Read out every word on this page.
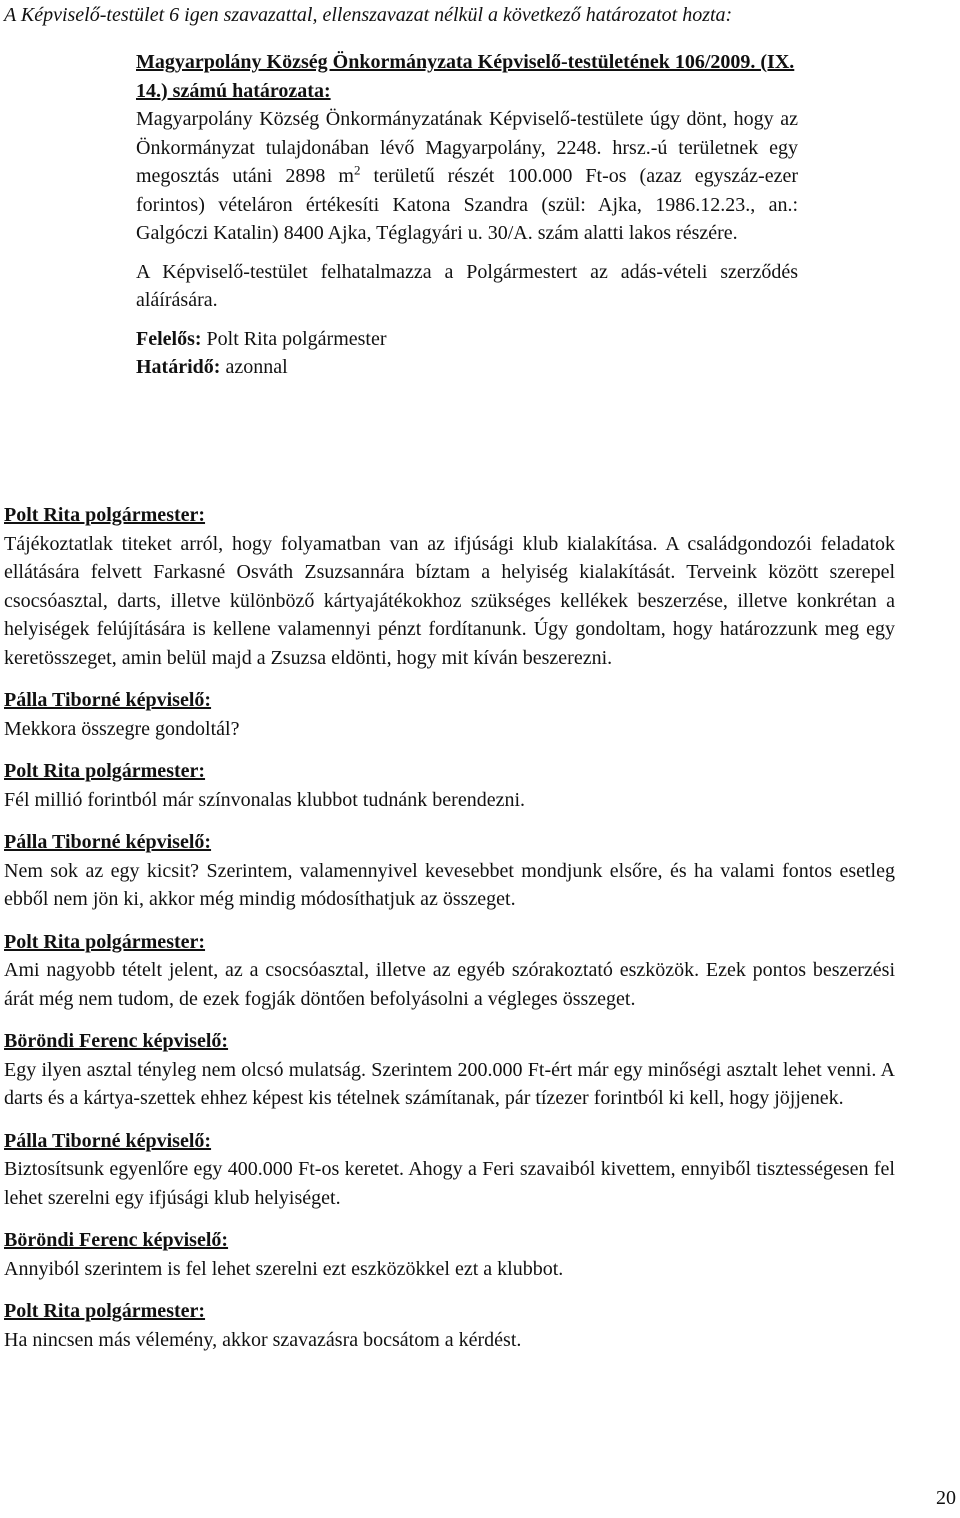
A Képviselő-testület 6 igen szavazattal, ellenszavazat nélkül a következő határozatot hozta:

Magyarpolány Község Önkormányzata Képviselő-testületének 106/2009. (IX. 14.) számú határozata:

Magyarpolány Község Önkormányzatának Képviselő-testülete úgy dönt, hogy az Önkormányzat tulajdonában lévő Magyarpolány, 2248. hrsz.-ú területnek egy megosztás utáni 2898 $m^2$ területű részét 100.000 Ft-os (azaz egyszáz-ezer forintos) vételáron értékesíti Katona Szandra (szül: Ajka, 1986.12.23., an.: Galgóczi Katalin) 8400 Ajka, Téglagyári u. 30/A. szám alatti lakos részére.

A Képviselő-testület felhatalmazza a Polgármestert az adás-vételi szerződés aláírására.

Felelős: Polt Rita polgármester

Határidő: azonnal

Polt Rita polgármester:

Tájékoztatlak titeket arról, hogy folyamatban van az ifjúsági klub kialakítása. A családgondozói feladatok ellátására felvett Farkasné Osváth Zsuzsannára bíztam a helyiség kialakítását. Terveink között szerepel csocsóasztal, darts, illetve különböző kártyajátékokhoz szükséges kellékek beszerzése, illetve konkrétan a helyiségek felújítására is kellene valamennyi pénzt fordítanunk. Úgy gondoltam, hogy határozzunk meg egy keretösszeget, amin belül majd a Zsuzsa eldönti, hogy mit kíván beszerezni.

Pálla Tiborné képviselő:

Mekkora összegre gondoltál?

Polt Rita polgármester:

Fél millió forintból már színvonalas klubbot tudnánk berendezni.

Pálla Tiborné képviselő:

Nem sok az egy kicsit? Szerintem, valamennyivel kevesebbet mondjunk elsőre, és ha valami fontos esetleg ebből nem jön ki, akkor még mindig módosíthatjuk az összeget.

Polt Rita polgármester:

Ami nagyobb tételt jelent, az a csocsóasztal, illetve az egyéb szórakoztató eszközök. Ezek pontos beszerzési árát még nem tudom, de ezek fogják döntően befolyásolni a végleges összeget.

Böröndi Ferenc képviselő:

Egy ilyen asztal tényleg nem olcsó mulatság. Szerintem 200.000 Ft-ért már egy minőségi asztalt lehet venni. A darts és a kártya-szettek ehhez képest kis tételnek számítanak, pár tízezer forintból ki kell, hogy jöjjenek.

Pálla Tiborné képviselő:

Biztosítsunk egyenlőre egy 400.000 Ft-os keretet. Ahogy a Feri szavaiból kivettem, ennyiből tisztességesen fel lehet szerelni egy ifjúsági klub helyiséget.

Böröndi Ferenc képviselő:

Annyiból szerintem is fel lehet szerelni ezt eszközökkel ezt a klubbot.

Polt Rita polgármester:

Ha nincsen más vélemény, akkor szavazásra bocsátom a kérdést.

20
